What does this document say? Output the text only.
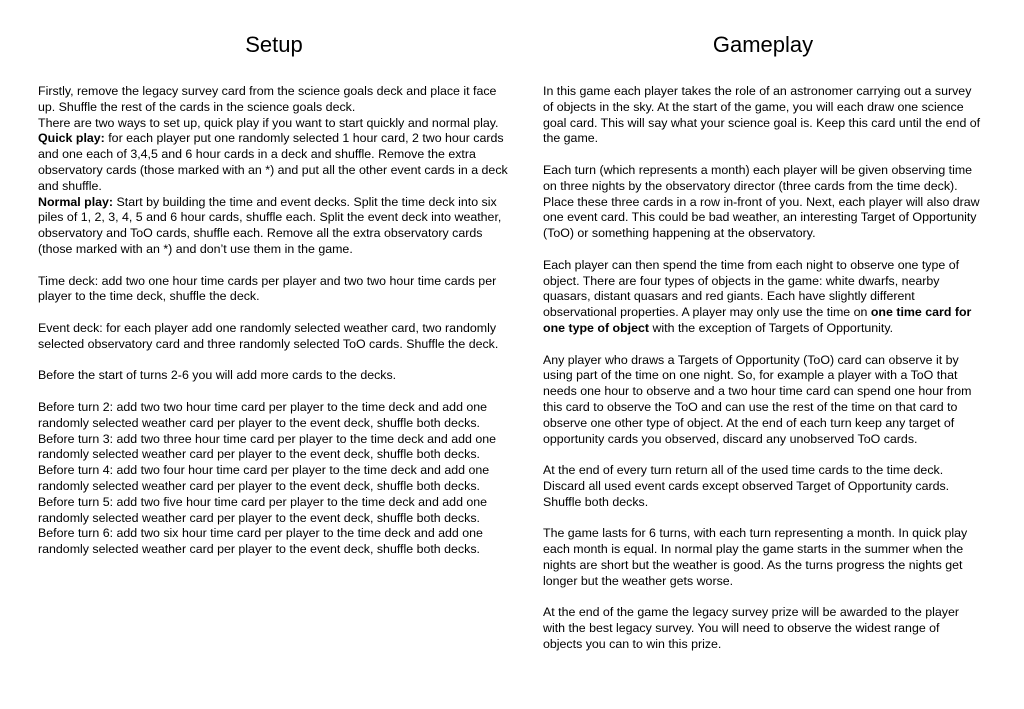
Setup

Firstly, remove the legacy survey card from the science goals deck and place it face up. Shuffle the rest of the cards in the science goals deck.

There are two ways to set up, quick play if you want to start quickly and normal play.

Quick play: for each player put one randomly selected 1 hour card, 2 two hour cards and one each of 3,4,5 and 6 hour cards in a deck and shuffle. Remove the extra observatory cards (those marked with an *) and put all the other event cards in a deck and shuffle.

Normal play: Start by building the time and event decks. Split the time deck into six piles of 1, 2, 3, 4, 5 and 6 hour cards, shuffle each. Split the event deck into weather, observatory and ToO cards, shuffle each. Remove all the extra observatory cards (those marked with an *) and don’t use them in the game.

Time deck: add two one hour time cards per player and two two hour time cards per player to the time deck, shuffle the deck.

Event deck: for each player add one randomly selected weather card, two randomly selected observatory card and three randomly selected ToO cards. Shuffle the deck.

Before the start of turns 2-6 you will add more cards to the decks.

Before turn 2: add two two hour time card per player to the time deck and add one randomly selected weather card per player to the event deck, shuffle both decks.

Before turn 3: add two three hour time card per player to the time deck and add one randomly selected weather card per player to the event deck, shuffle both decks.

Before turn 4: add two four hour time card per player to the time deck and add one randomly selected weather card per player to the event deck, shuffle both decks.

Before turn 5: add two five hour time card per player to the time deck and add one randomly selected weather card per player to the event deck, shuffle both decks.

Before turn 6: add two six hour time card per player to the time deck and add one randomly selected weather card per player to the event deck, shuffle both decks.

Gameplay

In this game each player takes the role of an astronomer carrying out a survey of objects in the sky. At the start of the game, you will each draw one science goal card. This will say what your science goal is. Keep this card until the end of the game.

Each turn (which represents a month) each player will be given observing time on three nights by the observatory director (three cards from the time deck). Place these three cards in a row in-front of you. Next, each player will also draw one event card. This could be bad weather, an interesting Target of Opportunity (ToO) or something happening at the observatory.

Each player can then spend the time from each night to observe one type of object. There are four types of objects in the game: white dwarfs, nearby quasars, distant quasars and red giants. Each have slightly different observational properties. A player may only use the time on one time card for one type of object with the exception of Targets of Opportunity.

Any player who draws a Targets of Opportunity (ToO) card can observe it by using part of the time on one night. So, for example a player with a ToO that needs one hour to observe and a two hour time card can spend one hour from this card to observe the ToO and can use the rest of the time on that card to observe one other type of object. At the end of each turn keep any target of opportunity cards you observed, discard any unobserved ToO cards.

At the end of every turn return all of the used time cards to the time deck. Discard all used event cards except observed Target of Opportunity cards. Shuffle both decks.

The game lasts for 6 turns, with each turn representing a month. In quick play each month is equal. In normal play the game starts in the summer when the nights are short but the weather is good. As the turns progress the nights get longer but the weather gets worse.

At the end of the game the legacy survey prize will be awarded to the player with the best legacy survey. You will need to observe the widest range of objects you can to win this prize.
